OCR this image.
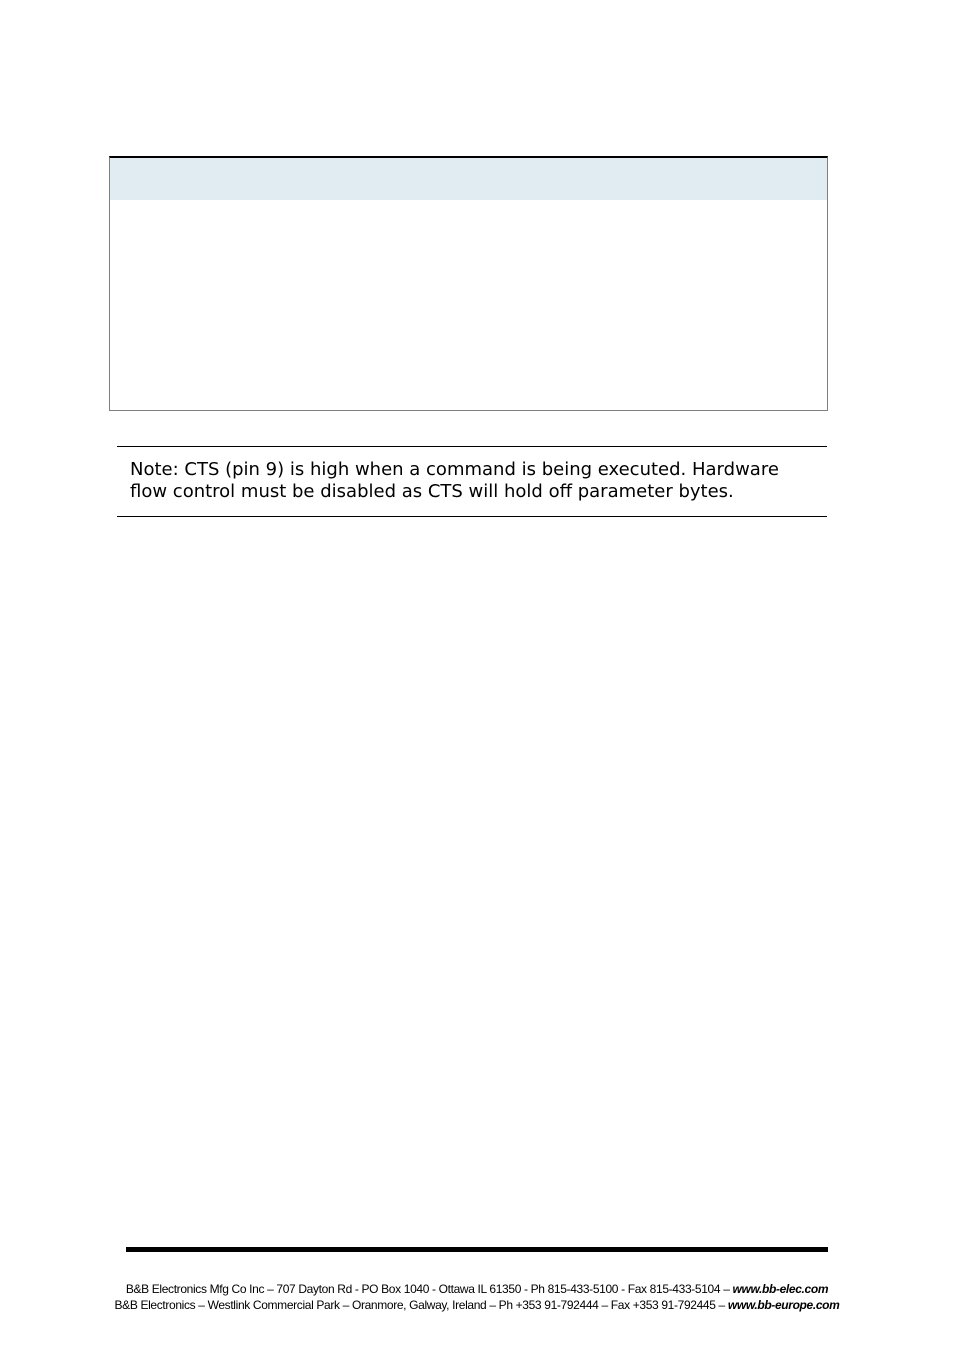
Note: CTS (pin 9) is high when a command is being executed. Hardware flow control must be disabled as CTS will hold off parameter bytes.

B&B Electronics Mfg Co Inc – 707 Dayton Rd - PO Box 1040 - Ottawa IL 61350 - Ph 815-433-5100 - Fax 815-433-5104 – www.bb-elec.com
B&B Electronics – Westlink Commercial Park – Oranmore, Galway, Ireland – Ph +353 91-792444 – Fax +353 91-792445 – www.bb-europe.com
